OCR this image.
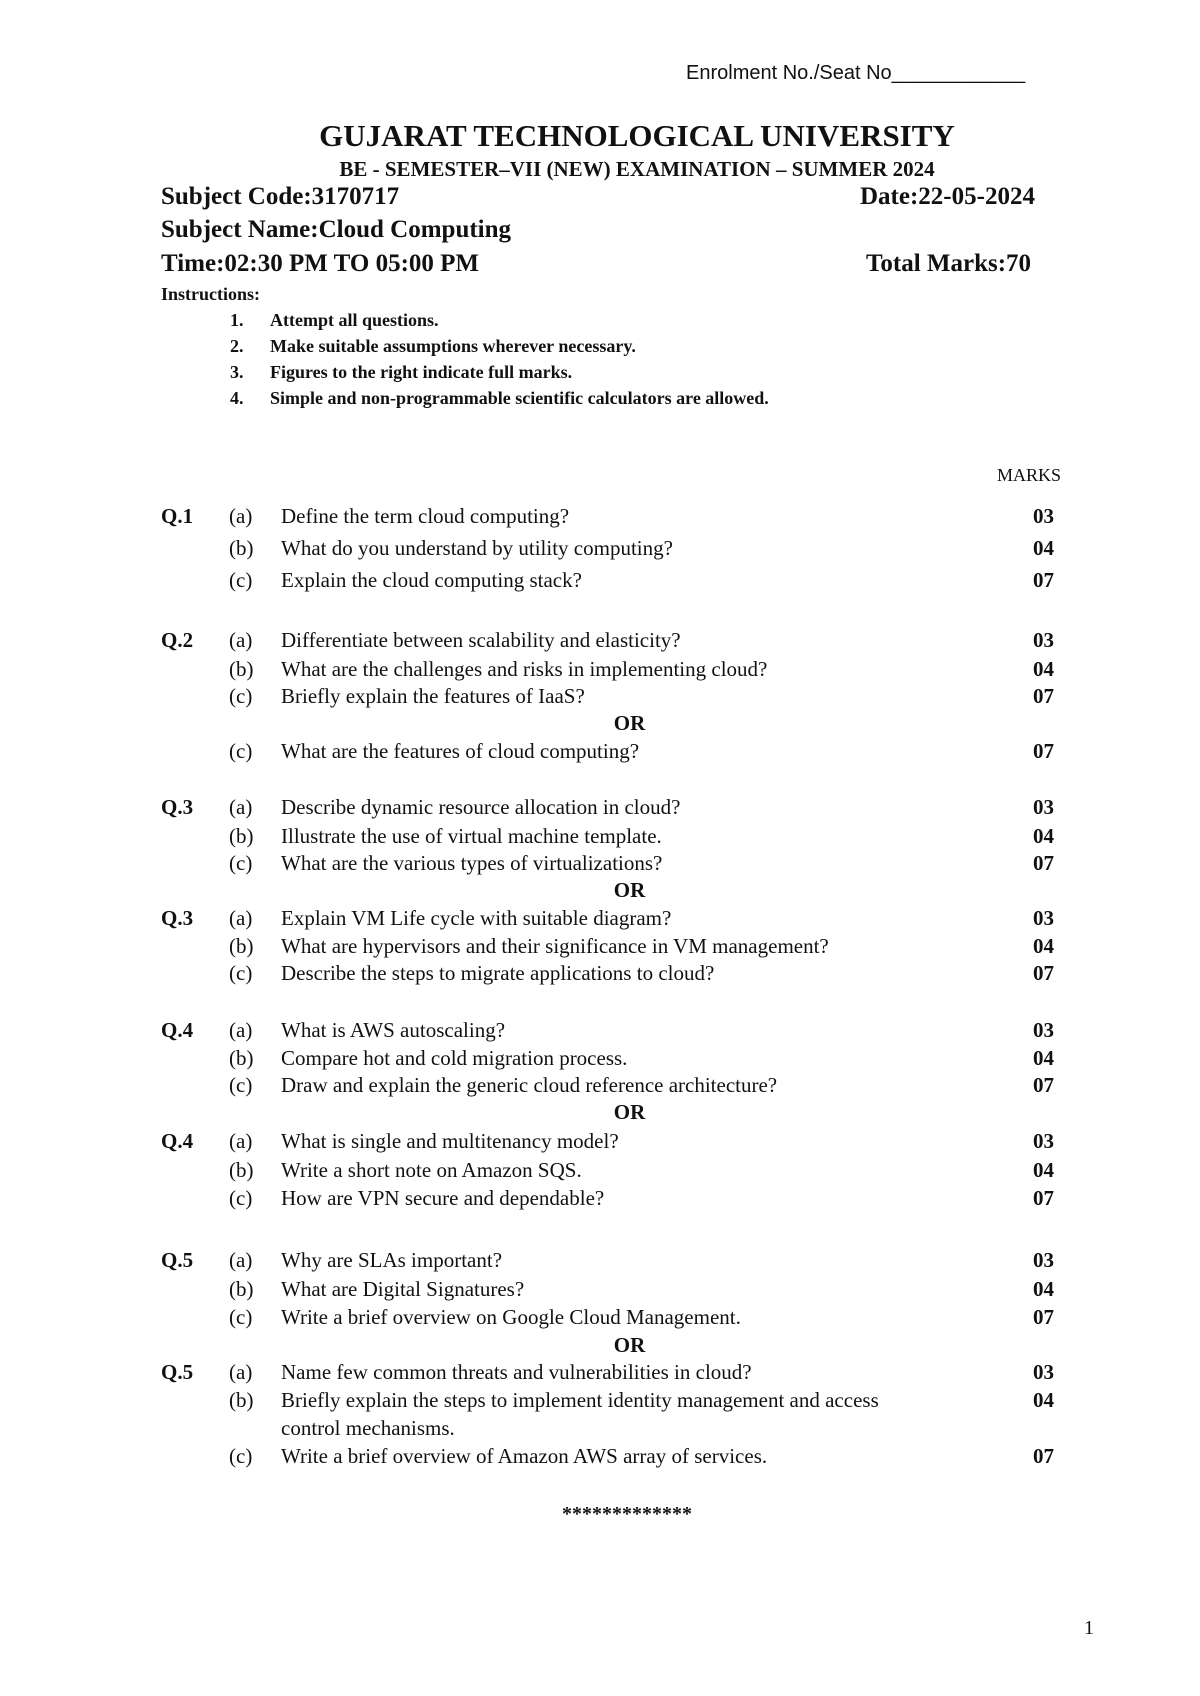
Enrolment No./Seat No____________
GUJARAT TECHNOLOGICAL UNIVERSITY
BE - SEMESTER–VII (NEW) EXAMINATION – SUMMER 2024
Subject Code:3170717	Date:22-05-2024
Subject Name:Cloud Computing
Time:02:30 PM TO 05:00 PM	Total Marks:70
Instructions:
1. Attempt all questions.
2. Make suitable assumptions wherever necessary.
3. Figures to the right indicate full marks.
4. Simple and non-programmable scientific calculators are allowed.
MARKS
Q.1 (a) Define the term cloud computing?	03
(b) What do you understand by utility computing?	04
(c) Explain the cloud computing stack?	07
Q.2 (a) Differentiate between scalability and elasticity?	03
(b) What are the challenges and risks in implementing cloud?	04
(c) Briefly explain the features of IaaS?	07
OR
(c) What are the features of cloud computing?	07
Q.3 (a) Describe dynamic resource allocation in cloud?	03
(b) Illustrate the use of virtual machine template.	04
(c) What are the various types of virtualizations?	07
OR
Q.3 (a) Explain VM Life cycle with suitable diagram?	03
(b) What are hypervisors and their significance in VM management?	04
(c) Describe the steps to migrate applications to cloud?	07
Q.4 (a) What is AWS autoscaling?	03
(b) Compare hot and cold migration process.	04
(c) Draw and explain the generic cloud reference architecture?	07
OR
Q.4 (a) What is single and multitenancy model?	03
(b) Write a short note on Amazon SQS.	04
(c) How are VPN secure and dependable?	07
Q.5 (a) Why are SLAs important?	03
(b) What are Digital Signatures?	04
(c) Write a brief overview on Google Cloud Management.	07
OR
Q.5 (a) Name few common threats and vulnerabilities in cloud?	03
(b) Briefly explain the steps to implement identity management and access	04
control mechanisms.
(c) Write a brief overview of Amazon AWS array of services.	07
*************
1
